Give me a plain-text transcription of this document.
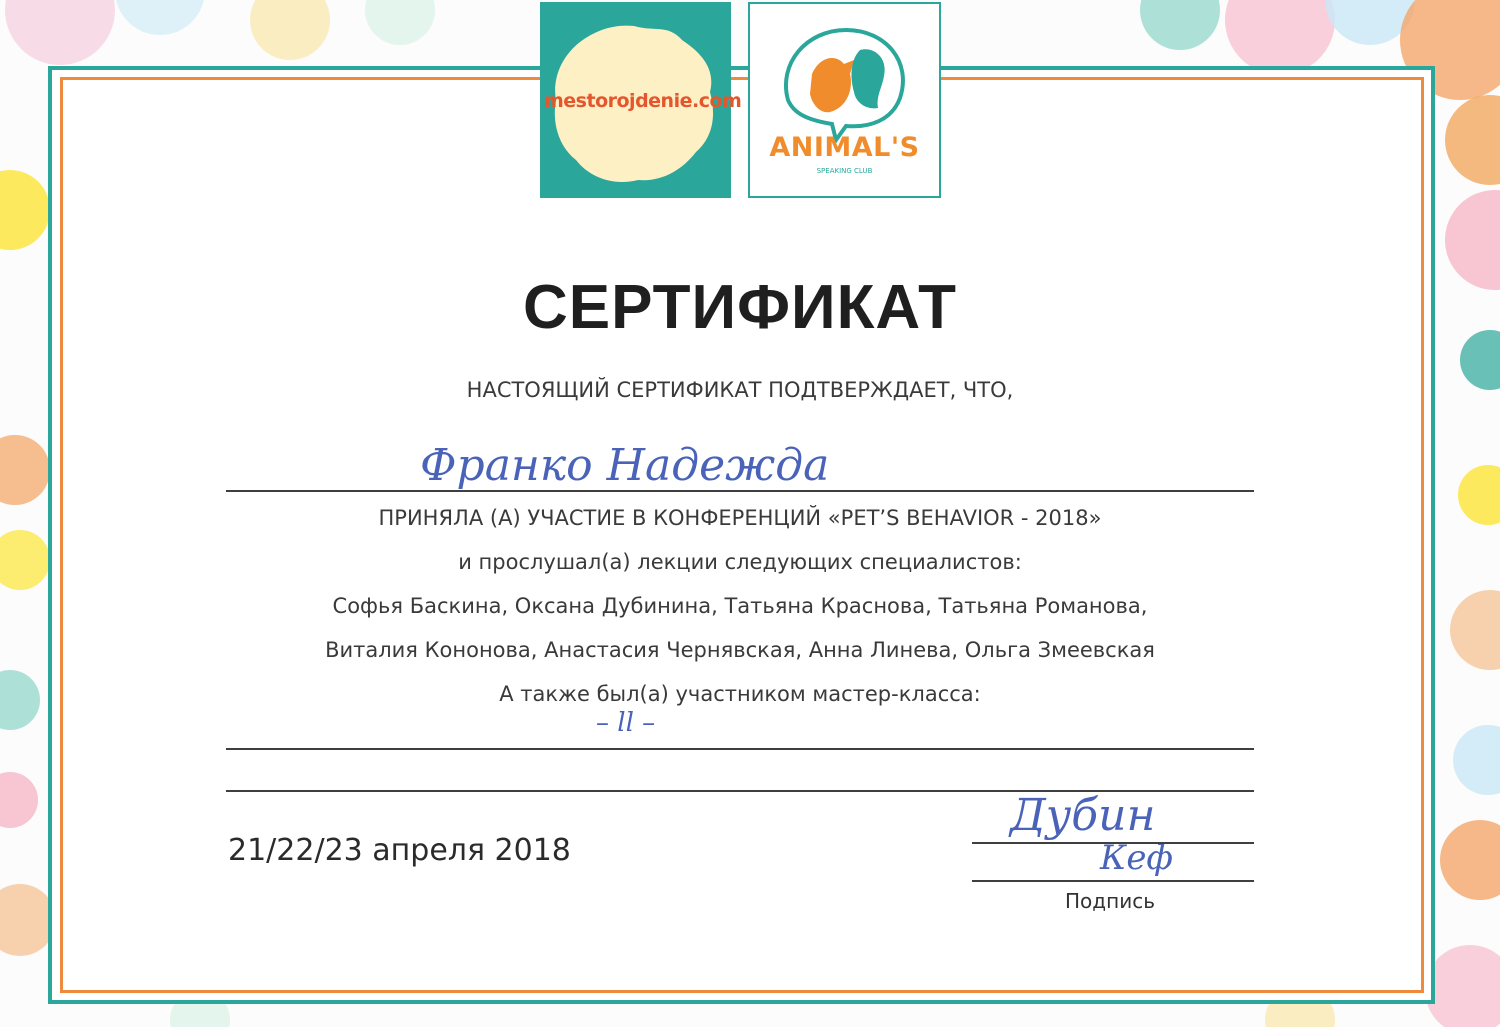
mestorojdenie.com
ANIMAL'S
SPEAKING CLUB
СЕРТИФИКАТ
НАСТОЯЩИЙ СЕРТИФИКАТ ПОДТВЕРЖДАЕТ, ЧТО,
Франко Надежда
ПРИНЯЛА (А) УЧАСТИЕ В КОНФЕРЕНЦИЙ «PET’S BEHAVIOR - 2018»
и прослушал(а) лекции следующих специалистов:
Софья Баскина, Оксана Дубинина, Татьяна Краснова, Татьяна Романова,
Виталия Кононова, Анастасия Чернявская, Анна Линева, Ольга Змеевская
А также был(а) участником мастер-класса:
– ll –
21/22/23 апреля 2018
Дубин
Кеф
Подпись
